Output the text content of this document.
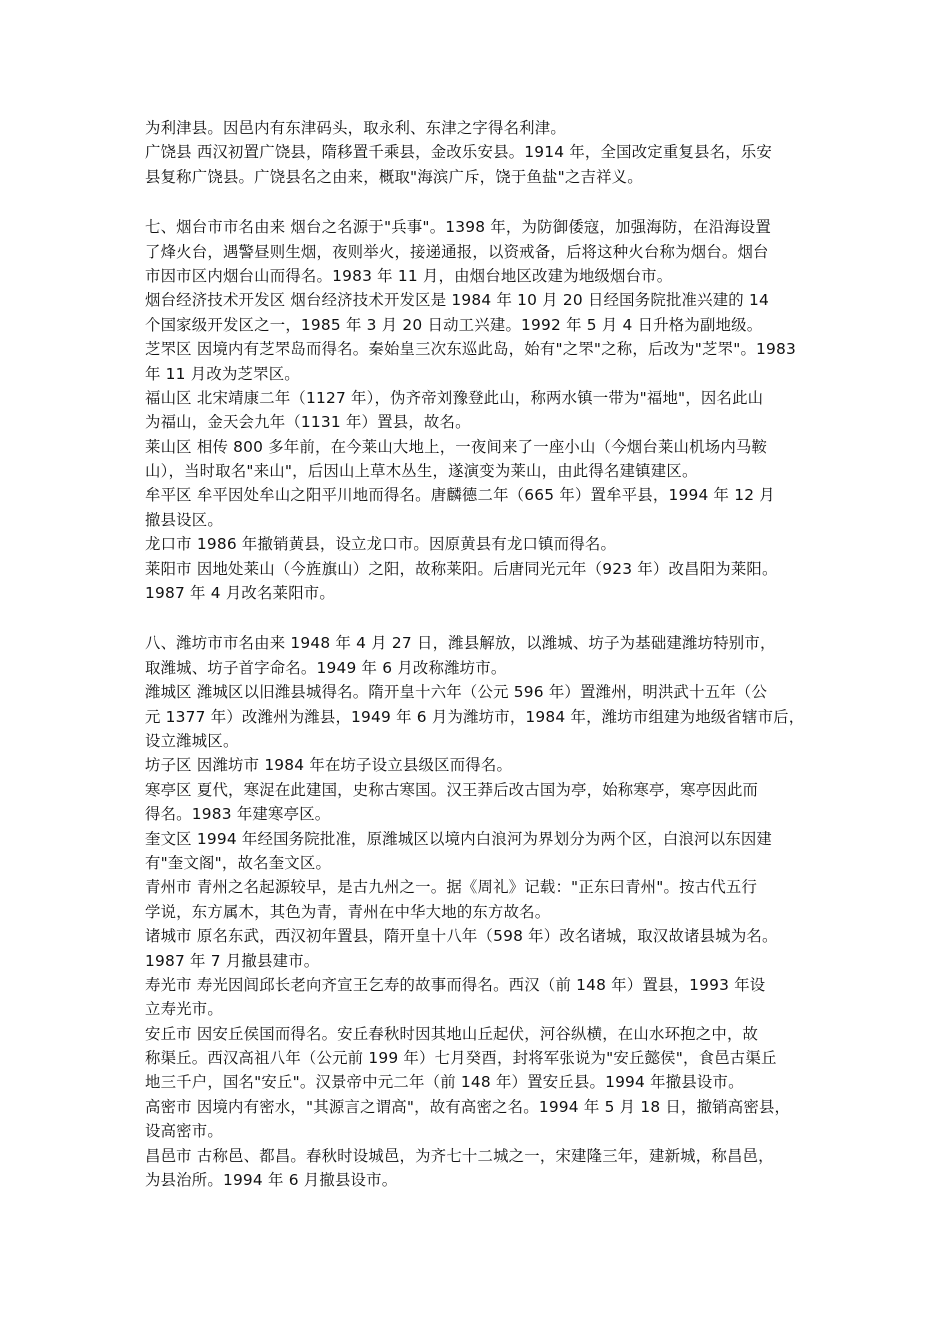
为利津县。因邑内有东津码头，取永利、东津之字得名利津。
广饶县 西汉初置广饶县，隋移置千乘县，金改乐安县。1914 年，全国改定重复县名，乐安
县复称广饶县。广饶县名之由来，概取"海滨广斥，饶于鱼盐"之吉祥义。
七、烟台市市名由来 烟台之名源于"兵事"。1398 年，为防御倭寇，加强海防，在沿海设置
了烽火台，遇警昼则生烟，夜则举火，接递通报，以资戒备，后将这种火台称为烟台。烟台
市因市区内烟台山而得名。1983 年 11 月，由烟台地区改建为地级烟台市。
烟台经济技术开发区 烟台经济技术开发区是 1984 年 10 月 20 日经国务院批准兴建的 14
个国家级开发区之一，1985 年 3 月 20 日动工兴建。1992 年 5 月 4 日升格为副地级。
芝罘区 因境内有芝罘岛而得名。秦始皇三次东巡此岛，始有"之罘"之称，后改为"芝罘"。1983
年 11 月改为芝罘区。
福山区 北宋靖康二年（1127 年），伪齐帝刘豫登此山，称两水镇一带为"福地"，因名此山
为福山，金天会九年（1131 年）置县，故名。
莱山区 相传 800 多年前，在今莱山大地上，一夜间来了一座小山（今烟台莱山机场内马鞍
山），当时取名"来山"，后因山上草木丛生，遂演变为莱山，由此得名建镇建区。
牟平区 牟平因处牟山之阳平川地而得名。唐麟德二年（665 年）置牟平县，1994 年 12 月
撤县设区。
龙口市 1986 年撤销黄县，设立龙口市。因原黄县有龙口镇而得名。
莱阳市 因地处莱山（今旌旗山）之阳，故称莱阳。后唐同光元年（923 年）改昌阳为莱阳。
1987 年 4 月改名莱阳市。
八、潍坊市市名由来 1948 年 4 月 27 日，潍县解放，以潍城、坊子为基础建潍坊特别市，
取潍城、坊子首字命名。1949 年 6 月改称潍坊市。
潍城区 潍城区以旧潍县城得名。隋开皇十六年（公元 596 年）置潍州，明洪武十五年（公
元 1377 年）改潍州为潍县，1949 年 6 月为潍坊市，1984 年，潍坊市组建为地级省辖市后，
设立潍城区。
坊子区 因潍坊市 1984 年在坊子设立县级区而得名。
寒亭区 夏代，寒浞在此建国，史称古寒国。汉王莽后改古国为亭，始称寒亭，寒亭因此而
得名。1983 年建寒亭区。
奎文区 1994 年经国务院批准，原潍城区以境内白浪河为界划分为两个区，白浪河以东因建
有"奎文阁"，故名奎文区。
青州市 青州之名起源较早，是古九州之一。据《周礼》记载："正东曰青州"。按古代五行
学说，东方属木，其色为青，青州在中华大地的东方故名。
诸城市 原名东武，西汉初年置县，隋开皇十八年（598 年）改名诸城，取汉故诸县城为名。
1987 年 7 月撤县建市。
寿光市 寿光因闾邱长老向齐宣王乞寿的故事而得名。西汉（前 148 年）置县，1993 年设
立寿光市。
安丘市 因安丘侯国而得名。安丘春秋时因其地山丘起伏，河谷纵横，在山水环抱之中，故
称渠丘。西汉高祖八年（公元前 199 年）七月癸酉，封将军张说为"安丘懿侯"，食邑古渠丘
地三千户，国名"安丘"。汉景帝中元二年（前 148 年）置安丘县。1994 年撤县设市。
高密市 因境内有密水，"其源言之谓高"，故有高密之名。1994 年 5 月 18 日，撤销高密县，
设高密市。
昌邑市 古称邑、都昌。春秋时设城邑，为齐七十二城之一，宋建隆三年，建新城，称昌邑，
为县治所。1994 年 6 月撤县设市。
